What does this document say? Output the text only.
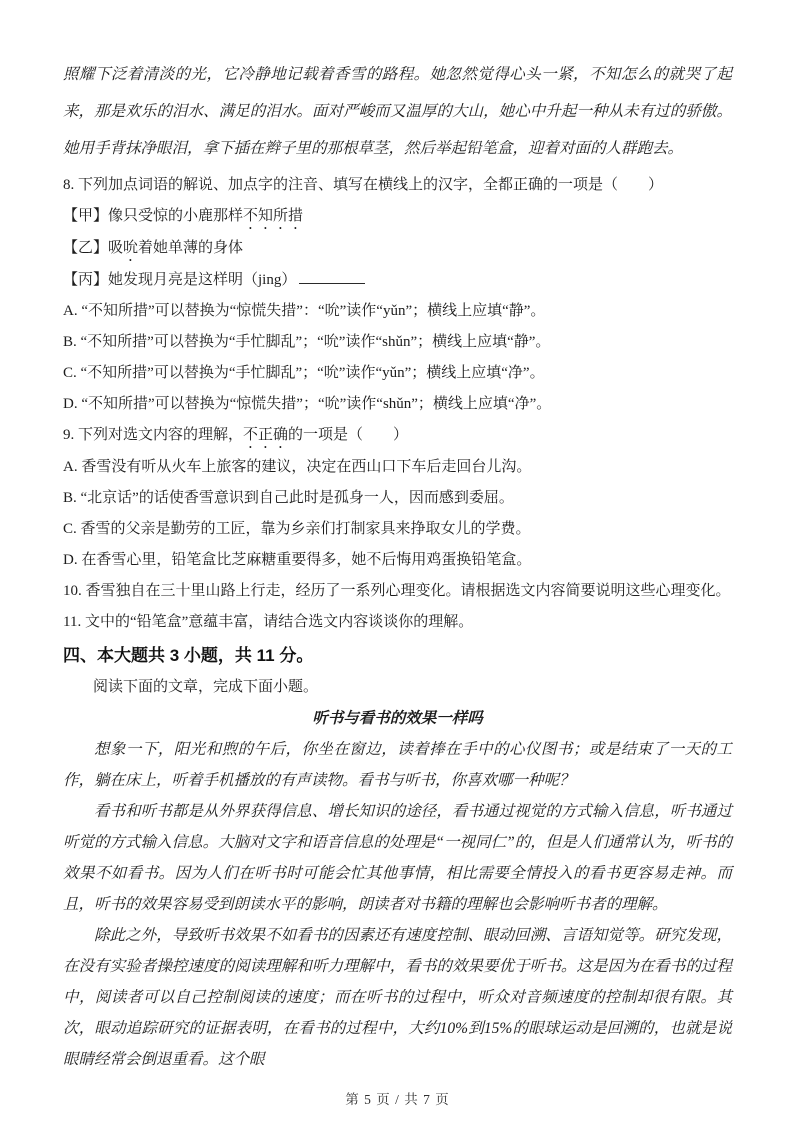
照耀下泛着清淡的光，它冷静地记载着香雪的路程。她忽然觉得心头一紧，不知怎么的就哭了起来，那是欢乐的泪水、满足的泪水。面对严峻而又温厚的大山，她心中升起一种从未有过的骄傲。她用手背抹净眼泪，拿下插在辫子里的那根草茎，然后举起铅笔盒，迎着对面的人群跑去。

8. 下列加点词语的解说、加点字的注音、填写在横线上的汉字，全都正确的一项是（　　）

【甲】像只受惊的小鹿那样不知所措

【乙】吸吮着她单薄的身体

【丙】她发现月亮是这样明（jing）

A. “不知所措”可以替换为“惊慌失措”：“吮”读作“yǔn”；横线上应填“静”。

B. “不知所措”可以替换为“手忙脚乱”；“吮”读作“shǔn”；横线上应填“静”。

C. “不知所措”可以替换为“手忙脚乱”；“吮”读作“yǔn”；横线上应填“净”。

D. “不知所措”可以替换为“惊慌失措”；“吮”读作“shǔn”；横线上应填“净”。

9. 下列对选文内容的理解，不正确的一项是（　　）

A. 香雪没有听从火车上旅客的建议，决定在西山口下车后走回台儿沟。

B. “北京话”的话使香雪意识到自己此时是孤身一人，因而感到委屈。

C. 香雪的父亲是勤劳的工匠，靠为乡亲们打制家具来挣取女儿的学费。

D. 在香雪心里，铅笔盒比芝麻糖重要得多，她不后悔用鸡蛋换铅笔盒。

10. 香雪独自在三十里山路上行走，经历了一系列心理变化。请根据选文内容简要说明这些心理变化。

11. 文中的“铅笔盒”意蕴丰富，请结合选文内容谈谈你的理解。

四、本大题共 3 小题，共 11 分。

阅读下面的文章，完成下面小题。

听书与看书的效果一样吗

想象一下，阳光和煦的午后，你坐在窗边，读着捧在手中的心仪图书；或是结束了一天的工作，躺在床上，听着手机播放的有声读物。看书与听书，你喜欢哪一种呢？

看书和听书都是从外界获得信息、增长知识的途径，看书通过视觉的方式输入信息，听书通过听觉的方式输入信息。大脑对文字和语音信息的处理是“一视同仁”的，但是人们通常认为，听书的效果不如看书。因为人们在听书时可能会忙其他事情，相比需要全情投入的看书更容易走神。而且，听书的效果容易受到朗读水平的影响，朗读者对书籍的理解也会影响听书者的理解。

除此之外，导致听书效果不如看书的因素还有速度控制、眼动回溯、言语知觉等。研究发现，在没有实验者操控速度的阅读理解和听力理解中，看书的效果要优于听书。这是因为在看书的过程中，阅读者可以自己控制阅读的速度；而在听书的过程中，听众对音频速度的控制却很有限。其次，眼动追踪研究的证据表明，在看书的过程中，大约10%到15%的眼球运动是回溯的，也就是说眼睛经常会倒退重看。这个眼

第 5 页 / 共 7 页
